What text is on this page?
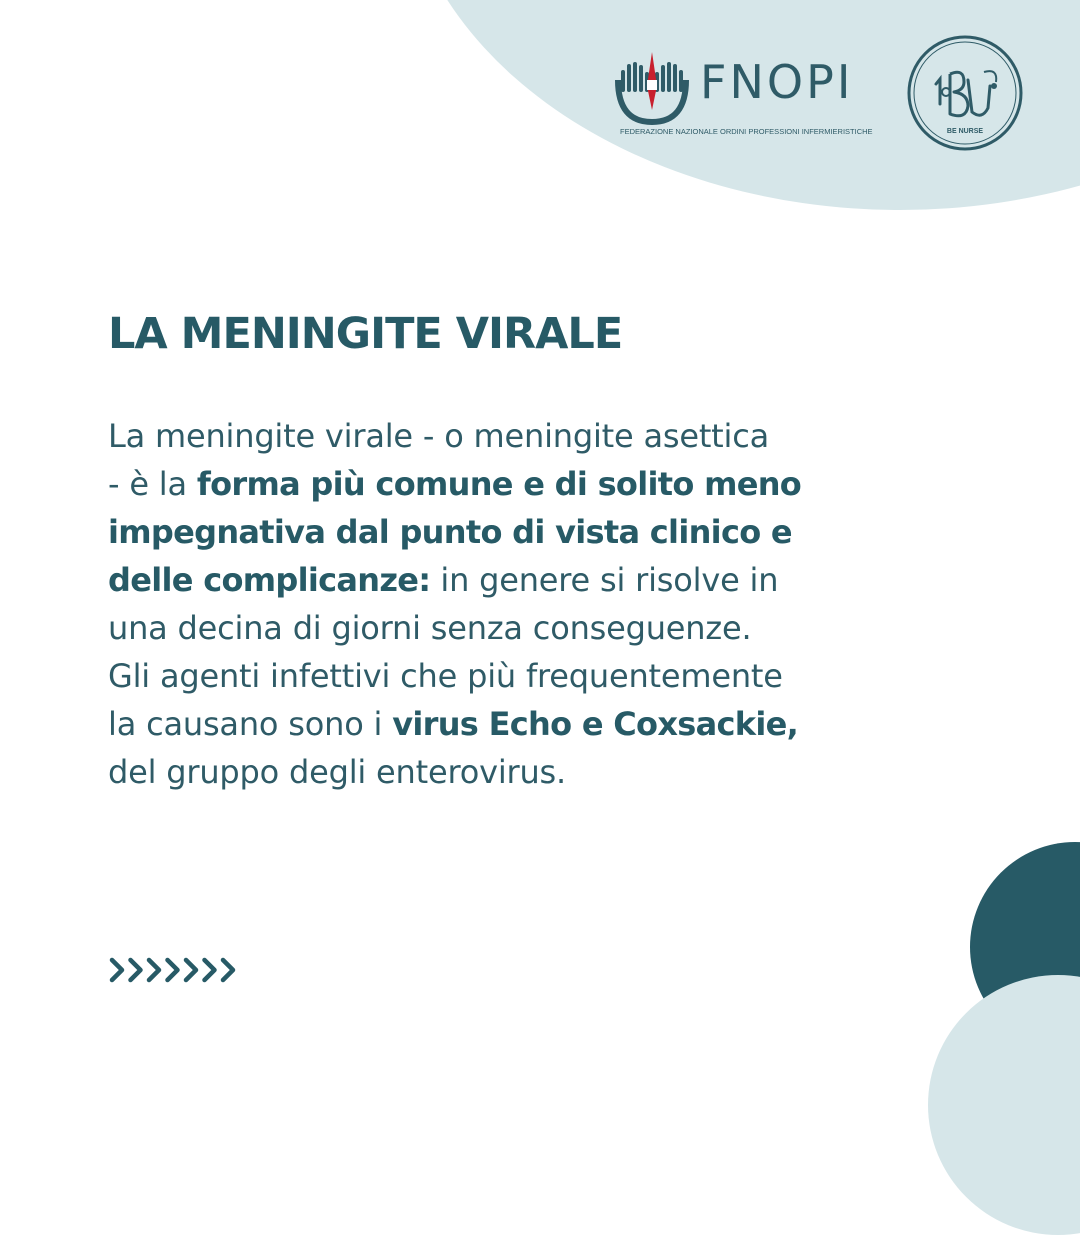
FNOPI
FEDERAZIONE NAZIONALE ORDINI PROFESSIONI INFERMIERISTICHE	BE NURSE
LA MENINGITE VIRALE
La meningite virale - o meningite asettica
- è la forma più comune e di solito meno
impegnativa dal punto di vista clinico e
delle complicanze: in genere si risolve in
una decina di giorni senza conseguenze.
Gli agenti infettivi che più frequentemente
la causano sono i virus Echo e Coxsackie,
del gruppo degli enterovirus.
